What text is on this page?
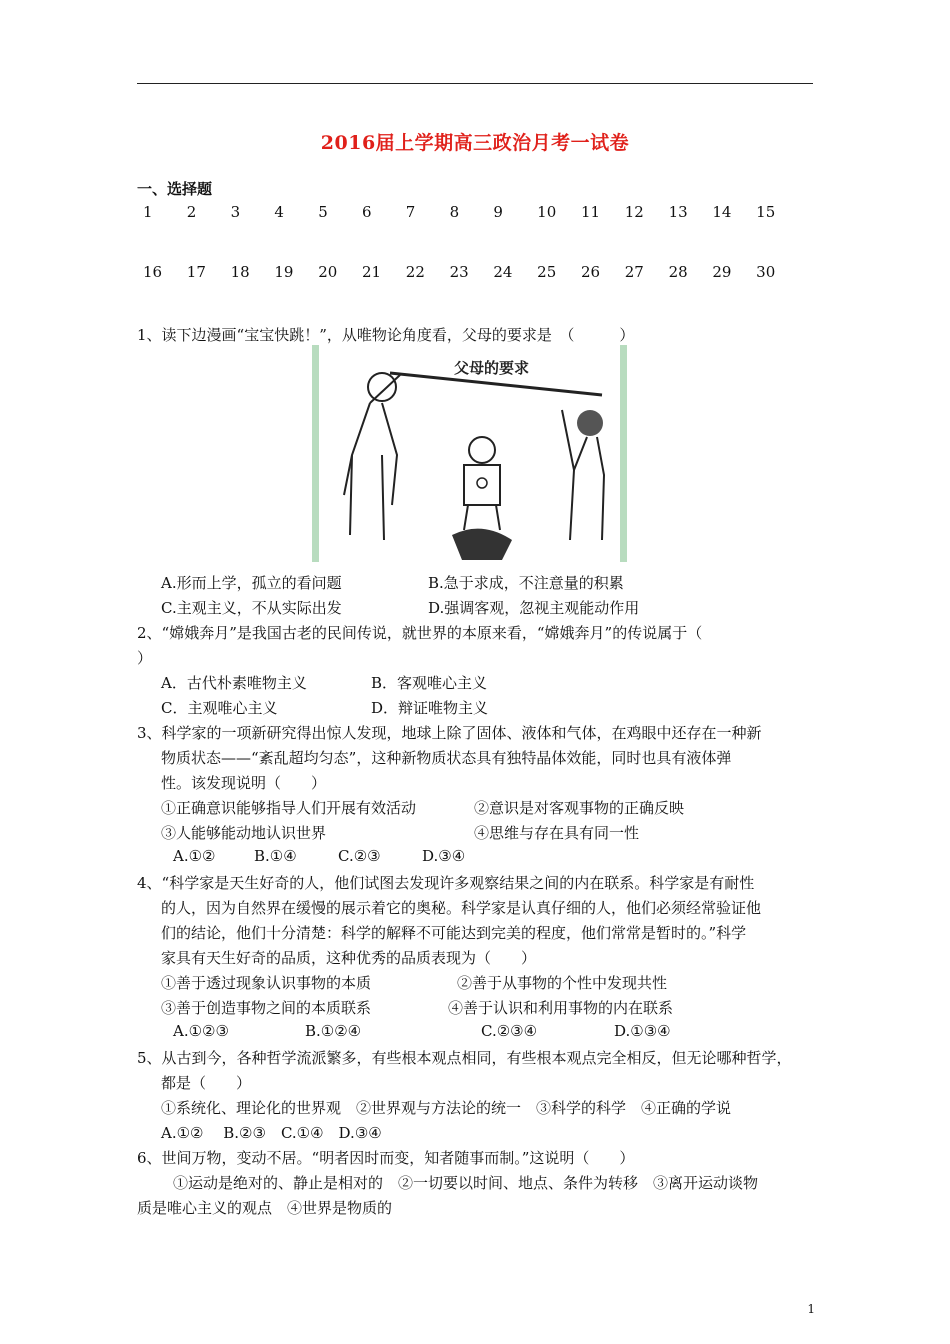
2016届上学期高三政治月考一试卷
一、选择题
1	2	3	4	5	6	7	8	9	10	11	12	13	14	15
16	17	18	19	20	21	22	23	24	25	26	27	28	29	30
1、读下边漫画“宝宝快跳！”，从唯物论角度看，父母的要求是　（　　　）
父母的要求
A.形而上学，孤立的看问题	B.急于求成，不注意量的积累
C.主观主义，不从实际出发	D.强调客观，忽视主观能动作用
2、“嫦娥奔月”是我国古老的民间传说，就世界的本原来看，“嫦娥奔月”的传说属于（
）
A．古代朴素唯物主义	B．客观唯心主义
C．主观唯心主义	D．辩证唯物主义
3、科学家的一项新研究得出惊人发现，地球上除了固体、液体和气体，在鸡眼中还存在一种新
物质状态——“紊乱超均匀态”，这种新物质状态具有独特晶体效能，同时也具有液体弹
性。该发现说明（　　）
①正确意识能够指导人们开展有效活动	②意识是对客观事物的正确反映
③人能够能动地认识世界	④思维与存在具有同一性
A.①②	B.①④	C.②③	D.③④
4、“科学家是天生好奇的人，他们试图去发现许多观察结果之间的内在联系。科学家是有耐性
的人，因为自然界在缓慢的展示着它的奥秘。科学家是认真仔细的人，他们必须经常验证他
们的结论，他们十分清楚：科学的解释不可能达到完美的程度，他们常常是暂时的。”科学
家具有天生好奇的品质，这种优秀的品质表现为（　　）
①善于透过现象认识事物的本质	②善于从事物的个性中发现共性
③善于创造事物之间的本质联系	④善于认识和利用事物的内在联系
A.①②③	B.①②④	C.②③④	D.①③④
5、从古到今，各种哲学流派繁多，有些根本观点相同，有些根本观点完全相反，但无论哪种哲学，
都是（　　）
①系统化、理论化的世界观　②世界观与方法论的统一　③科学的科学　④正确的学说
A.①②　 B.②③　C.①④　D.③④
6、世间万物，变动不居。“明者因时而变，知者随事而制。”这说明（　　）
①运动是绝对的、静止是相对的　②一切要以时间、地点、条件为转移　③离开运动谈物
质是唯心主义的观点　④世界是物质的
1
